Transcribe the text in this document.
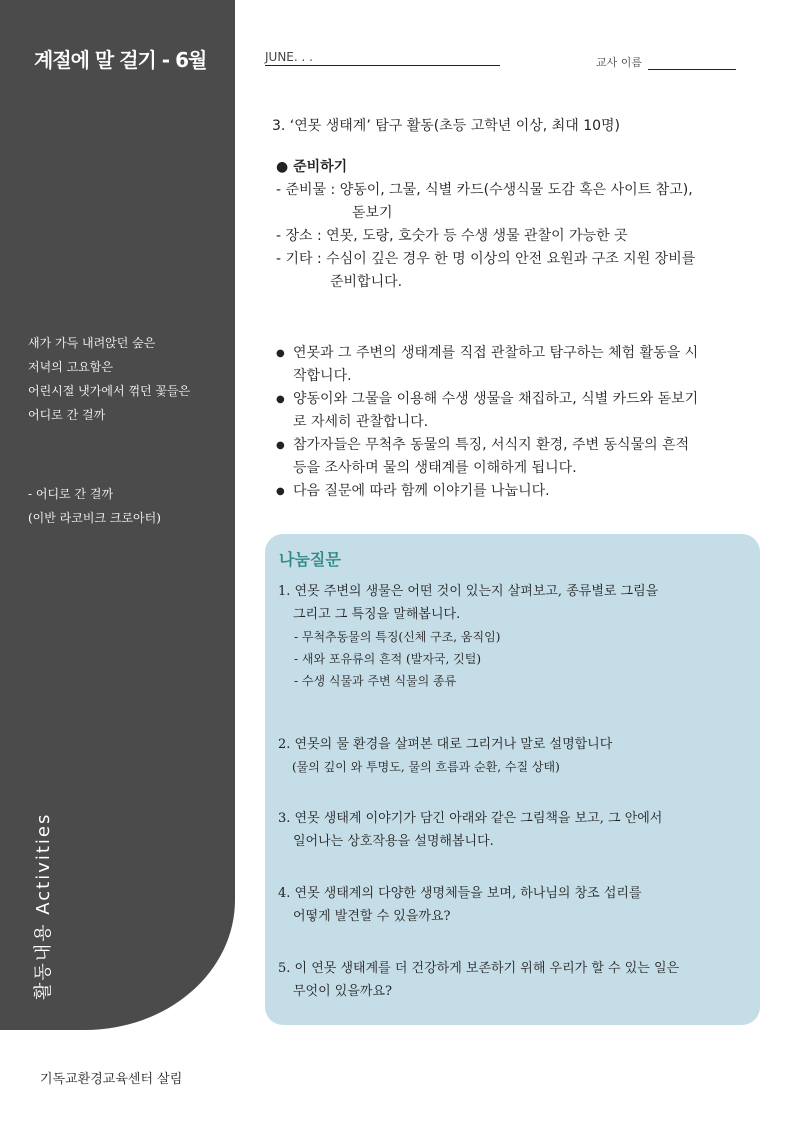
계절에 말 걸기 - 6월
새가 가득 내려앉던 숲은
저녁의 고요함은
어린시절 냇가에서 꺾던 꽃들은
어디로 간 걸까
- 어디로 간 걸까
(이반 라코비크 크로아터)
활동내용 Activities
JUNE. . .	교사 이름
3. ‘연못 생태계’ 탐구 활동(초등 고학년 이상, 최대 10명)
● 준비하기
- 준비물 : 양동이, 그물, 식별 카드(수생식물 도감 혹은 사이트 참고),
돋보기
- 장소 : 연못, 도랑, 호숫가 등 수생 생물 관찰이 가능한 곳
- 기타 : 수심이 깊은 경우 한 명 이상의 안전 요원과 구조 지원 장비를
준비합니다.
● 연못과 그 주변의 생태계를 직접 관찰하고 탐구하는 체험 활동을 시
작합니다.
● 양동이와 그물을 이용해 수생 생물을 채집하고, 식별 카드와 돋보기
로 자세히 관찰합니다.
● 참가자들은 무척추 동물의 특징, 서식지 환경, 주변 동식물의 흔적
등을 조사하며 물의 생태계를 이해하게 됩니다.
● 다음 질문에 따라 함께 이야기를 나눕니다.
나눔질문
1. 연못 주변의 생물은 어떤 것이 있는지 살펴보고, 종류별로 그림을
그리고 그 특징을 말해봅니다.
- 무척추동물의 특징(신체 구조, 움직임)
- 새와 포유류의 흔적 (발자국, 깃털)
- 수생 식물과 주변 식물의 종류
2. 연못의 물 환경을 살펴본 대로 그리거나 말로 설명합니다
(물의 깊이 와 투명도, 물의 흐름과 순환, 수질 상태)
3. 연못 생태계 이야기가 담긴 아래와 같은 그림책을 보고, 그 안에서
일어나는 상호작용을 설명해봅니다.
4. 연못 생태계의 다양한 생명체들을 보며, 하나님의 창조 섭리를
어떻게 발견할 수 있을까요?
5. 이 연못 생태계를 더 건강하게 보존하기 위해 우리가 할 수 있는 일은
무엇이 있을까요?
기독교환경교육센터 살림
